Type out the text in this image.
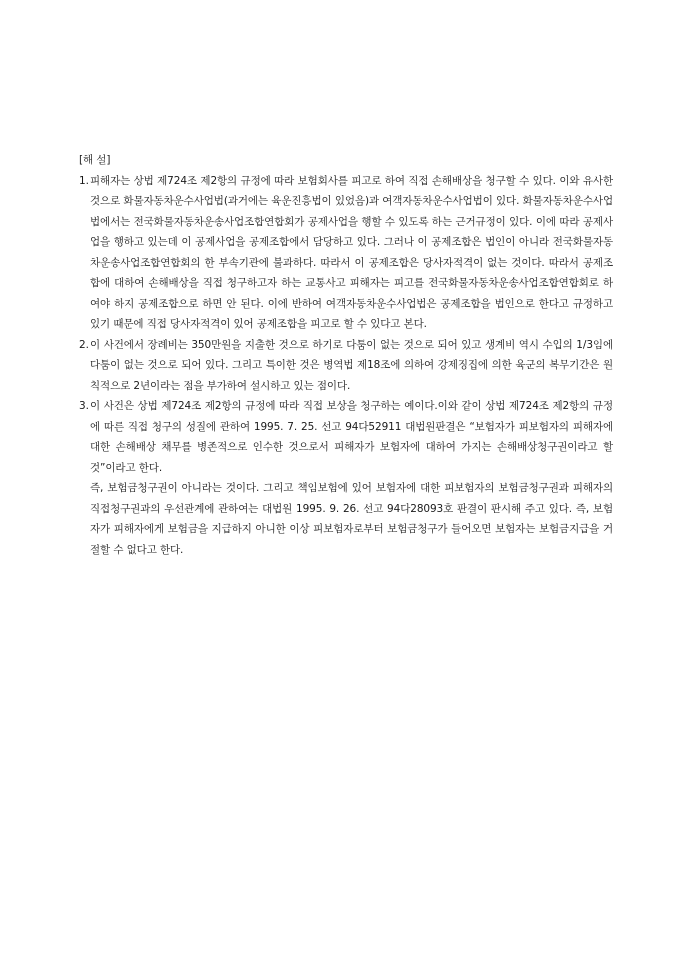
[해 설]

1. 피해자는 상법 제724조 제2항의 규정에 따라 보험회사를 피고로 하여 직접 손해배상을 청구할 수 있다. 이와 유사한 것으로 화물자동차운수사업법(과거에는 육운진흥법이 있었음)과 여객자동차운수사업법이 있다. 화물자동차운수사업법에서는 전국화물자동차운송사업조합연합회가 공제사업을 행할 수 있도록 하는 근거규정이 있다. 이에 따라 공제사업을 행하고 있는데 이 공제사업을 공제조합에서 담당하고 있다. 그러나 이 공제조합은 법인이 아니라 전국화물자동차운송사업조합연합회의 한 부속기관에 불과하다. 따라서 이 공제조합은 당사자적격이 없는 것이다. 따라서 공제조합에 대하여 손해배상을 직접 청구하고자 하는 교통사고 피해자는 피고를 전국화물자동차운송사업조합연합회로 하여야 하지 공제조합으로 하면 안 된다. 이에 반하여 여객자동차운수사업법은 공제조합을 법인으로 한다고 규정하고 있기 때문에 직접 당사자적격이 있어 공제조합을 피고로 할 수 있다고 본다.

2. 이 사건에서 장례비는 350만원을 지출한 것으로 하기로 다툼이 없는 것으로 되어 있고 생계비 역시 수입의 1/3임에 다툼이 없는 것으로 되어 있다. 그리고 특이한 것은 병역법 제18조에 의하여 강제징집에 의한 육군의 복무기간은 원칙적으로 2년이라는 점을 부가하여 설시하고 있는 점이다.

3. 이 사건은 상법 제724조 제2항의 규정에 따라 직접 보상을 청구하는 예이다.이와 같이 상법 제724조 제2항의 규정에 따른 직접 청구의 성질에 관하여 1995. 7. 25. 선고 94다52911 대법원판결은 “보험자가 피보험자의 피해자에 대한 손해배상 채무를 병존적으로 인수한 것으로서 피해자가 보험자에 대하여 가지는 손해배상청구권이라고 할 것”이라고 한다.

즉, 보험금청구권이 아니라는 것이다. 그리고 책임보험에 있어 보험자에 대한 피보험자의 보험금청구권과 피해자의 직접청구권과의 우선관계에 관하여는 대법원 1995. 9. 26. 선고 94다28093호 판결이 판시해 주고 있다. 즉, 보험자가 피해자에게 보험금을 지급하지 아니한 이상 피보험자로부터 보험금청구가 들어오면 보험자는 보험금지급을 거절할 수 없다고 한다.
